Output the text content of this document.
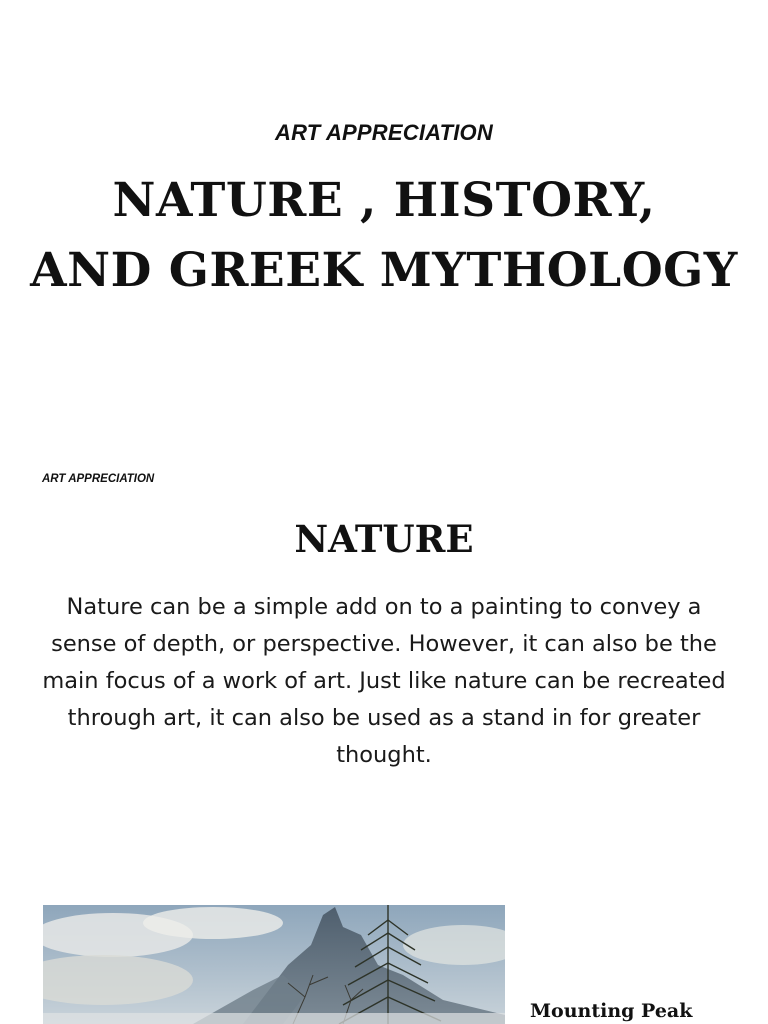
ART APPRECIATION
NATURE , HISTORY,
AND GREEK MYTHOLOGY
ART APPRECIATION
NATURE
Nature can be a simple add on to a painting to convey a sense of depth, or perspective. However, it can also be the main focus of a work of art. Just like nature can be recreated through art, it can also be used as a stand in for greater thought.
Mounting Peak
